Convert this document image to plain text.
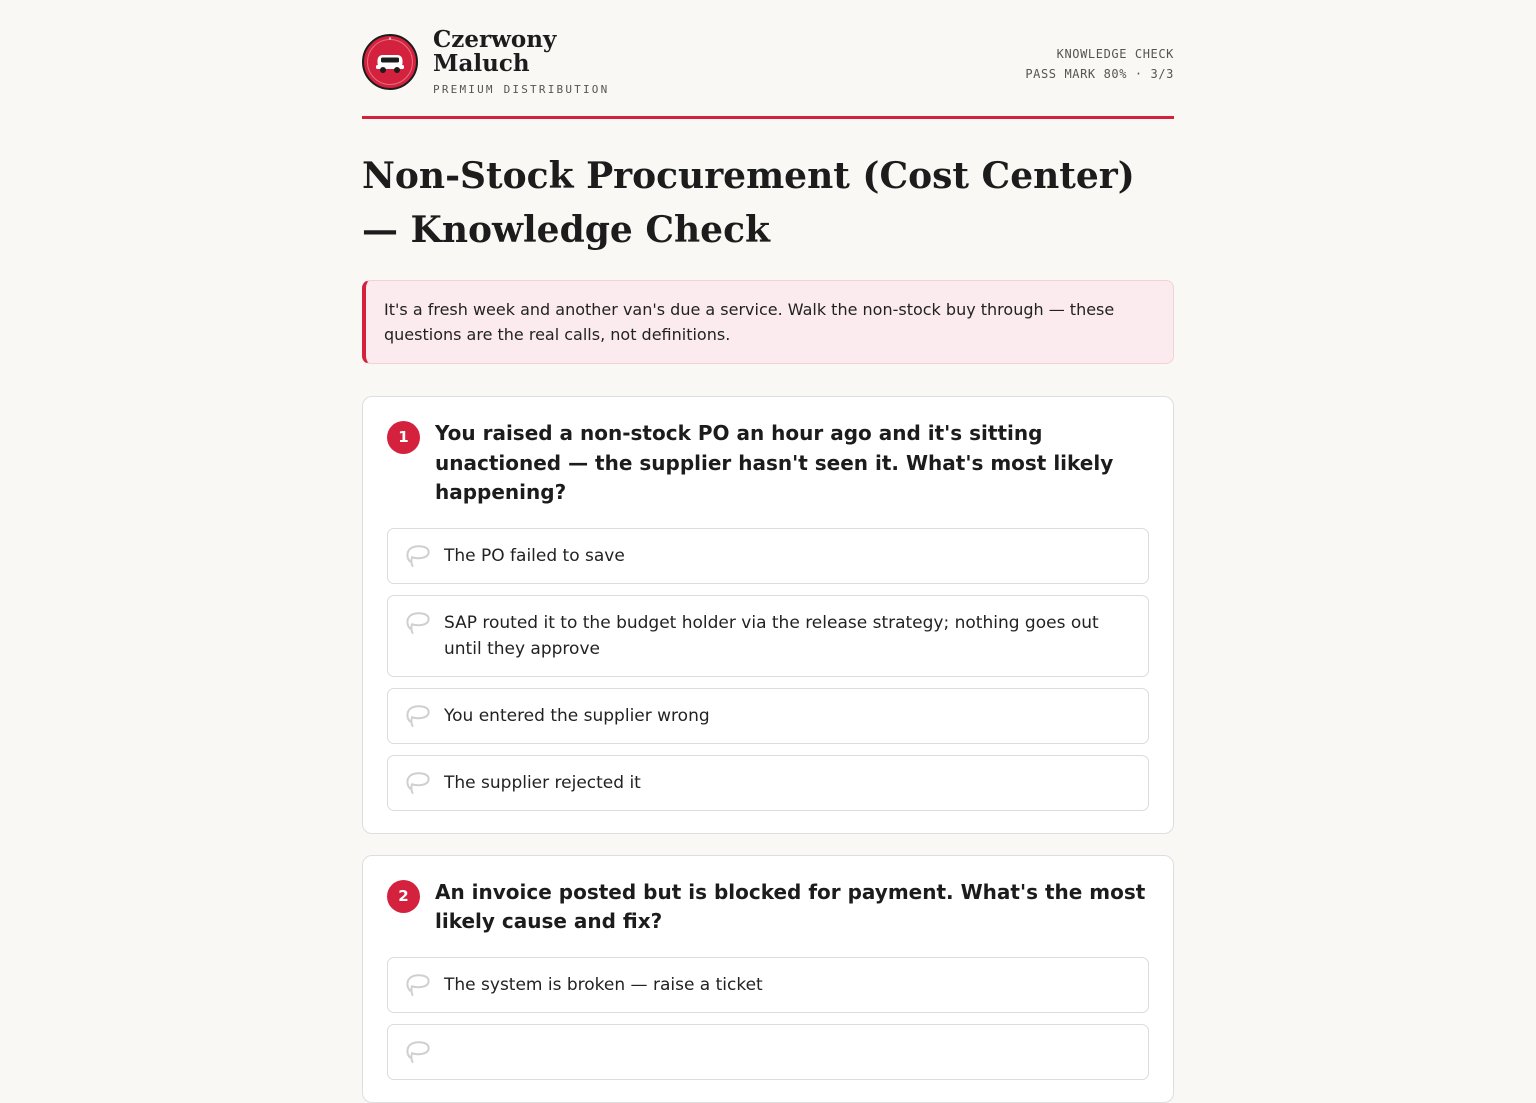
Czerwony
Maluch
PREMIUM DISTRIBUTION
KNOWLEDGE CHECK
PASS MARK 80% · 3/3
Non-Stock Procurement (Cost Center) — Knowledge Check
It's a fresh week and another van's due a service. Walk the non-stock buy through — these questions are the real calls, not definitions.
1	You raised a non-stock PO an hour ago and it's sitting unactioned — the supplier hasn't seen it. What's most likely happening?
The PO failed to save
SAP routed it to the budget holder via the release strategy; nothing goes out until they approve
You entered the supplier wrong
The supplier rejected it
2	An invoice posted but is blocked for payment. What's the most likely cause and fix?
The system is broken — raise a ticket
